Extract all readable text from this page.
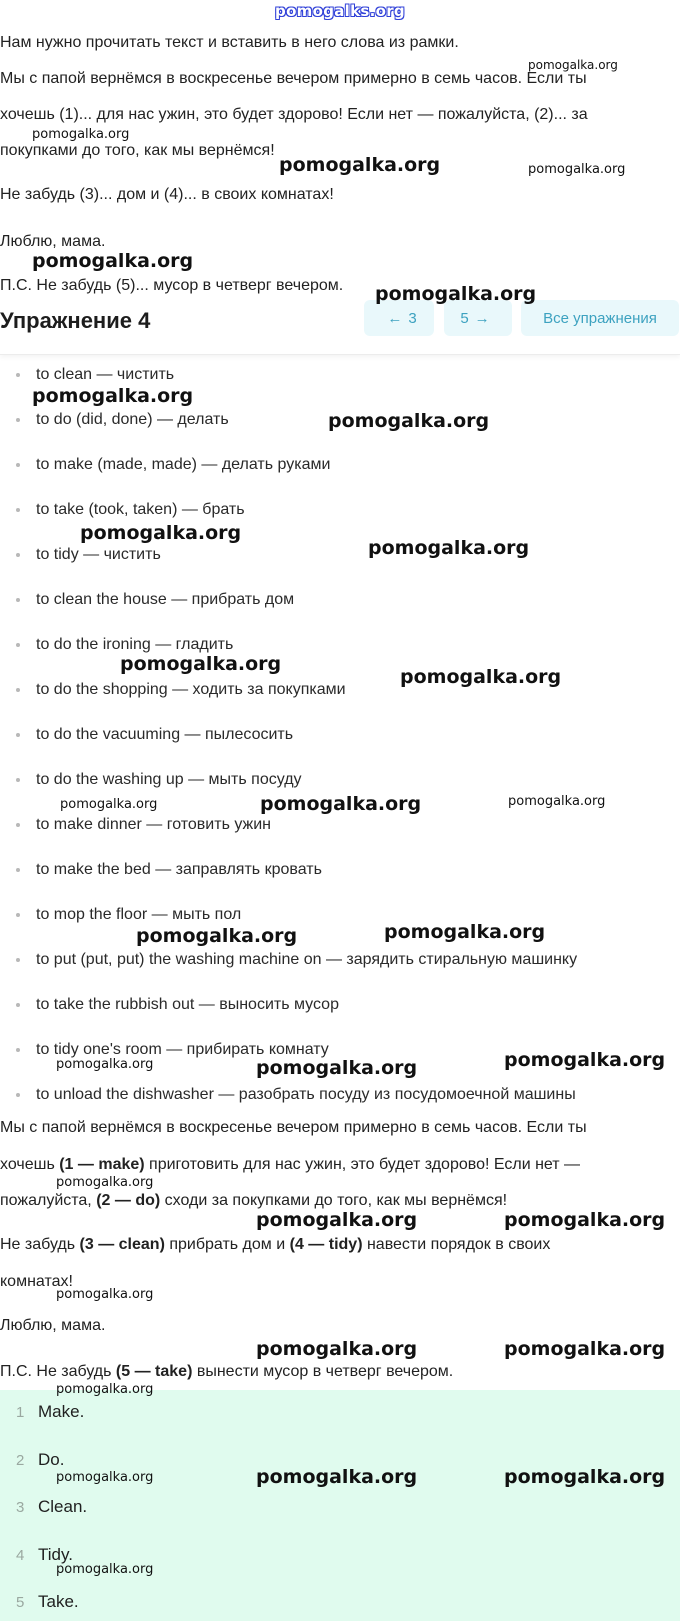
pomogalks.org
Нам нужно прочитать текст и вставить в него слова из рамки.
Мы с папой вернёмся в воскресенье вечером примерно в семь часов. Если ты
хочешь (1)... для нас ужин, это будет здорово! Если нет — пожалуйста, (2)... за
покупками до того, как мы вернёмся!
Не забудь (3)... дом и (4)... в своих комнатах!
Люблю, мама.
П.С. Не забудь (5)... мусор в четверг вечером.
Упражнение 4	← 3	5 →	Все упражнения
to clean — чистить
to do (did, done) — делать
to make (made, made) — делать руками
to take (took, taken) — брать
to tidy — чистить
to clean the house — прибрать дом
to do the ironing — гладить
to do the shopping — ходить за покупками
to do the vacuuming — пылесосить
to do the washing up — мыть посуду
to make dinner — готовить ужин
to make the bed — заправлять кровать
to mop the floor — мыть пол
to put (put, put) the washing machine on — зарядить стиральную машинку
to take the rubbish out — выносить мусор
to tidy one's room — прибирать комнату
to unload the dishwasher — разобрать посуду из посудомоечной машины
Мы с папой вернёмся в воскресенье вечером примерно в семь часов. Если ты
хочешь (1 — make) приготовить для нас ужин, это будет здорово! Если нет —
пожалуйста, (2 — do) сходи за покупками до того, как мы вернёмся!
Не забудь (3 — clean) прибрать дом и (4 — tidy) навести порядок в своих
комнатах!
Люблю, мама.
П.С. Не забудь (5 — take) вынести мусор в четверг вечером.
1 Make.
2 Do.
3 Clean.
4 Tidy.
5 Take.
pomogalka.org
pomogalka.org
pomogalka.org	pomogalka.org
pomogalka.org
pomogalka.org
pomogalka.org
pomogalka.org
pomogalka.org
pomogalka.org
pomogalka.org
pomogalka.org
pomogalka.org	pomogalka.org	pomogalka.org
pomogalka.org	pomogalka.org
pomogalka.org	pomogalka.org	pomogalka.org
pomogalka.org
pomogalka.org	pomogalka.org
pomogalka.org
pomogalka.org	pomogalka.org
pomogalka.org
pomogalka.org	pomogalka.org	pomogalka.org
pomogalka.org
